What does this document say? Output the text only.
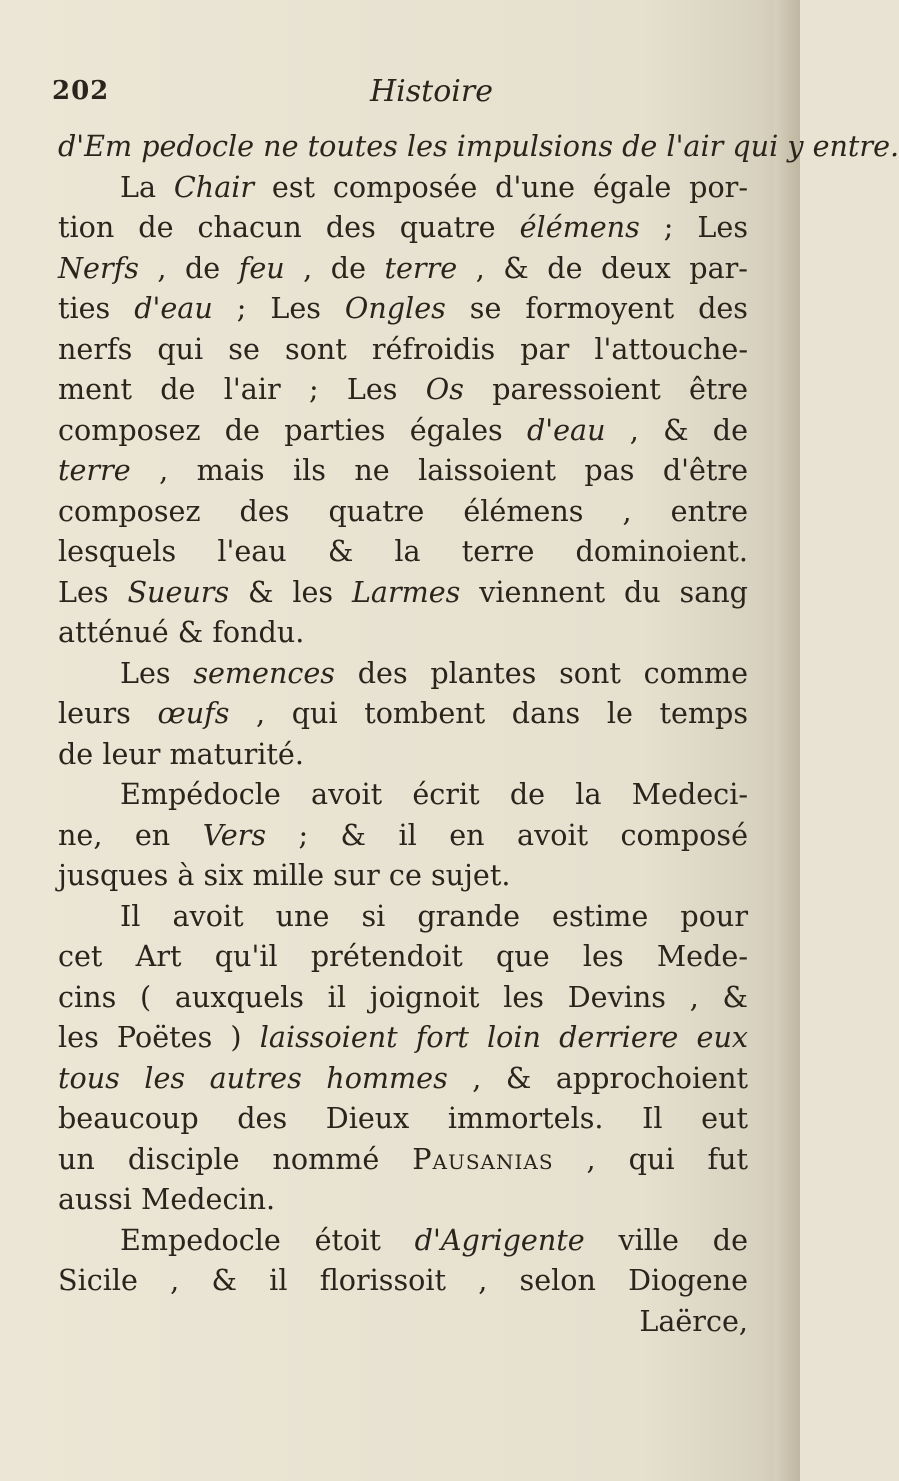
202	Histoire
d'Em pedocle ne toutes les impulsions de l'air qui y entre.
La Chair est composée d'une égale por-
tion de chacun des quatre élémens ; Les
Nerfs , de feu , de terre , & de deux par-
ties d'eau ; Les Ongles se formoyent des
nerfs qui se sont réfroidis par l'attouche-
ment de l'air ; Les Os paressoient être
composez de parties égales d'eau , & de
terre , mais ils ne laissoient pas d'être
composez des quatre élémens , entre
lesquels l'eau & la terre dominoient.
Les Sueurs & les Larmes viennent du sang
atténué & fondu.
Les semences des plantes sont comme
leurs œufs , qui tombent dans le temps
de leur maturité.
Empédocle avoit écrit de la Medeci-
ne, en Vers ; & il en avoit composé
jusques à six mille sur ce sujet.
Il avoit une si grande estime pour
cet Art qu'il prétendoit que les Mede-
cins ( auxquels il joignoit les Devins , &
les Poëtes ) laissoient fort loin derriere eux
tous les autres hommes , & approchoient
beaucoup des Dieux immortels. Il eut
un disciple nommé Pausanias , qui fut
aussi Medecin.
Empedocle étoit d'Agrigente ville de
Sicile , & il florissoit , selon Diogene
Laërce,
